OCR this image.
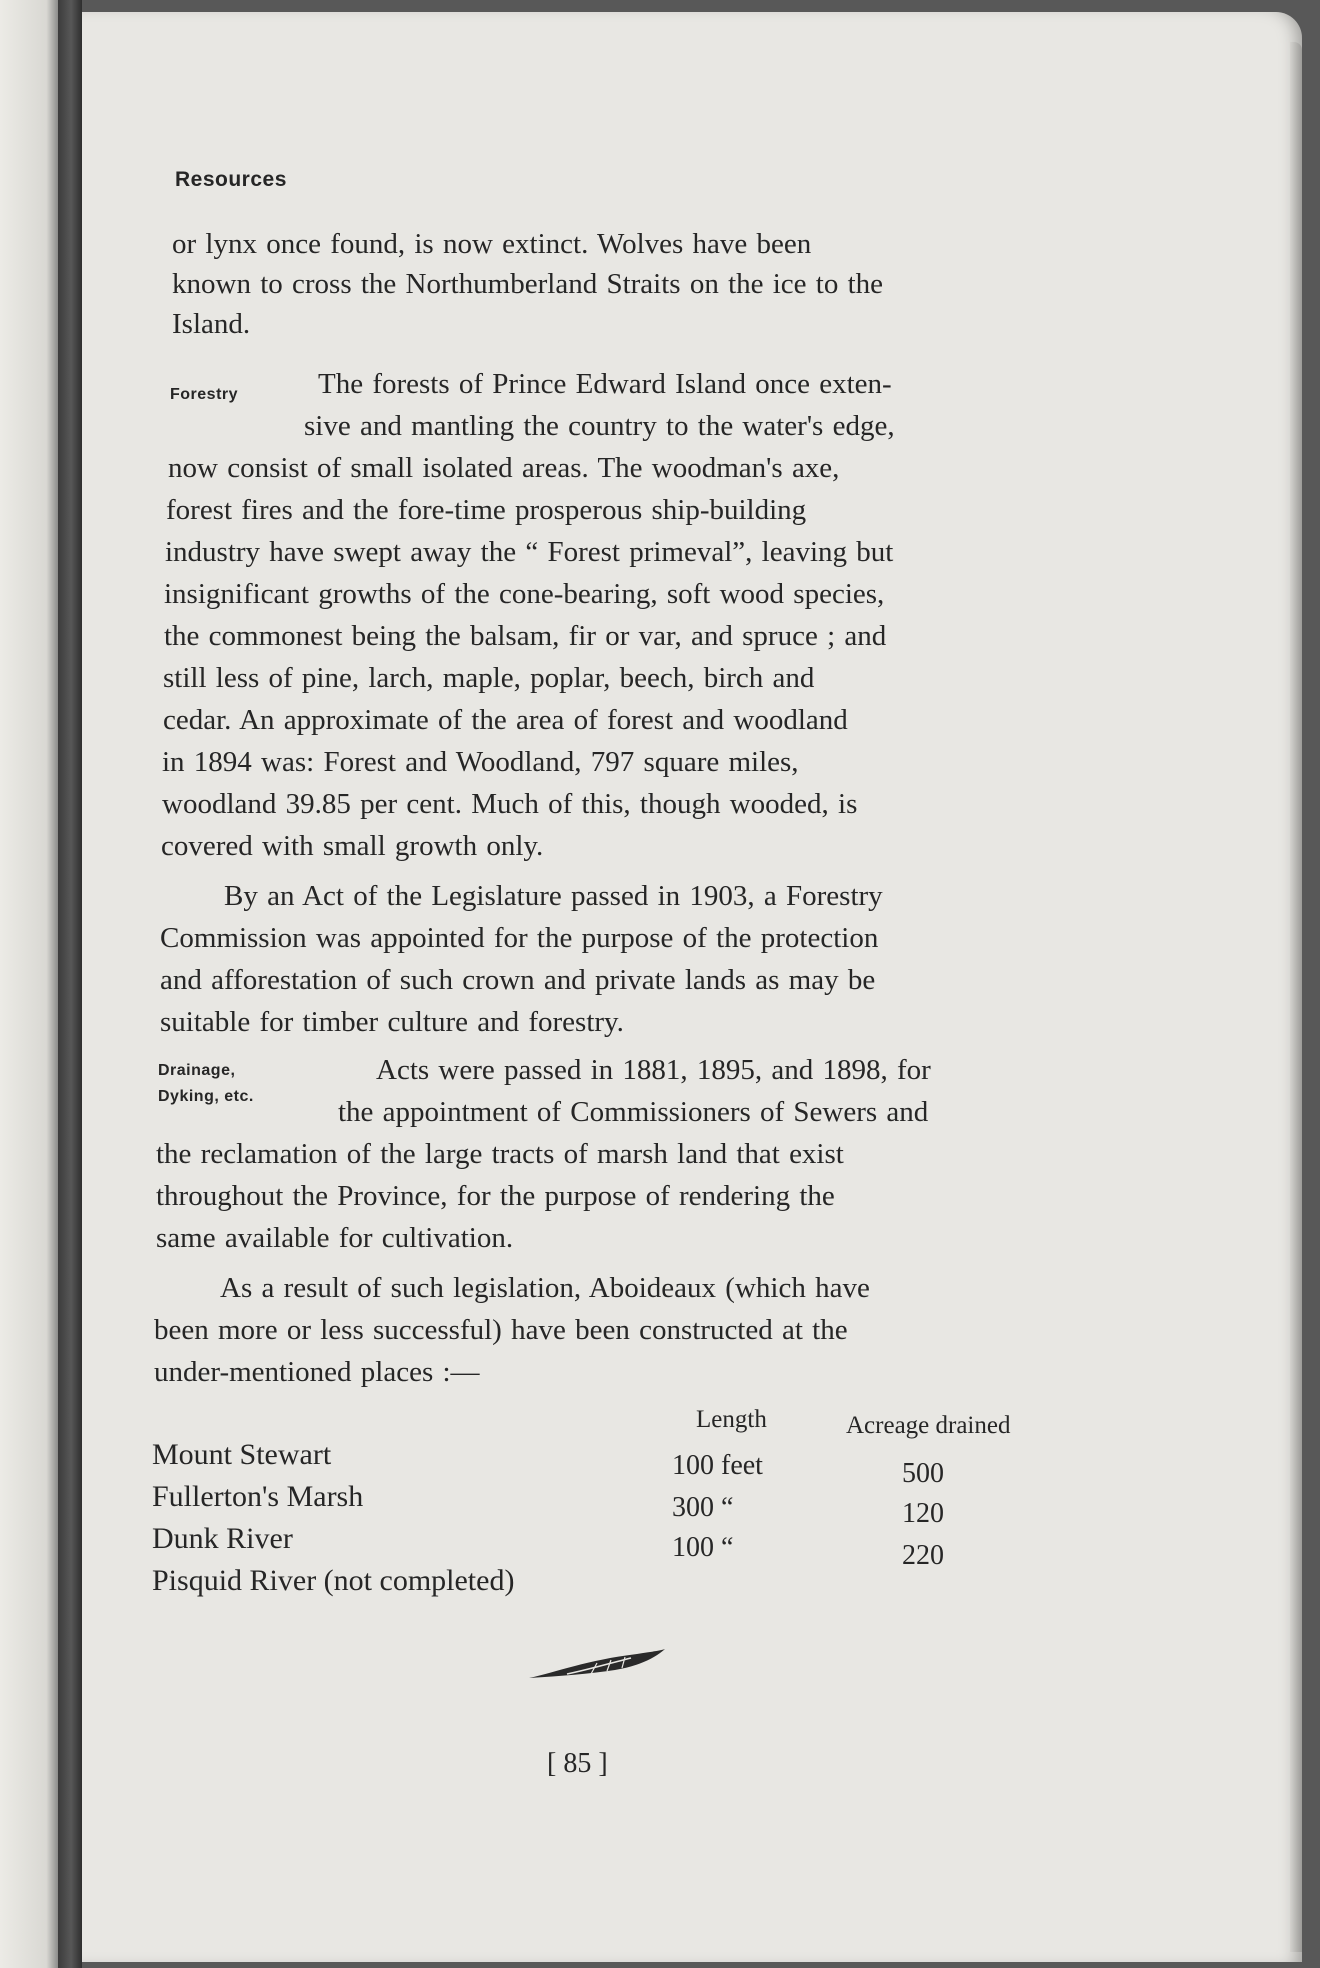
Resources
or lynx once found, is now extinct. Wolves have been
known to cross the Northumberland Straits on the ice to the
Island.
Forestry	The forests of Prince Edward Island once exten-
sive and mantling the country to the water's edge,
now consist of small isolated areas. The woodman's axe,
forest fires and the fore-time prosperous ship-building
industry have swept away the “ Forest primeval”, leaving but
insignificant growths of the cone-bearing, soft wood species,
the commonest being the balsam, fir or var, and spruce ; and
still less of pine, larch, maple, poplar, beech, birch and
cedar. An approximate of the area of forest and woodland
in 1894 was: Forest and Woodland, 797 square miles,
woodland 39.85 per cent. Much of this, though wooded, is
covered with small growth only.
By an Act of the Legislature passed in 1903, a Forestry
Commission was appointed for the purpose of the protection
and afforestation of such crown and private lands as may be
suitable for timber culture and forestry.
Drainage,
Dyking, etc.
Acts were passed in 1881, 1895, and 1898, for
the appointment of Commissioners of Sewers and
the reclamation of the large tracts of marsh land that exist
throughout the Province, for the purpose of rendering the
same available for cultivation.
As a result of such legislation, Aboideaux (which have
been more or less successful) have been constructed at the
under-mentioned places :—
Length	Acreage drained
Mount Stewart
Fullerton's Marsh
Dunk River
Pisquid River (not completed)
100 feet
300 “
100 “
500
120
220
[ 85 ]
